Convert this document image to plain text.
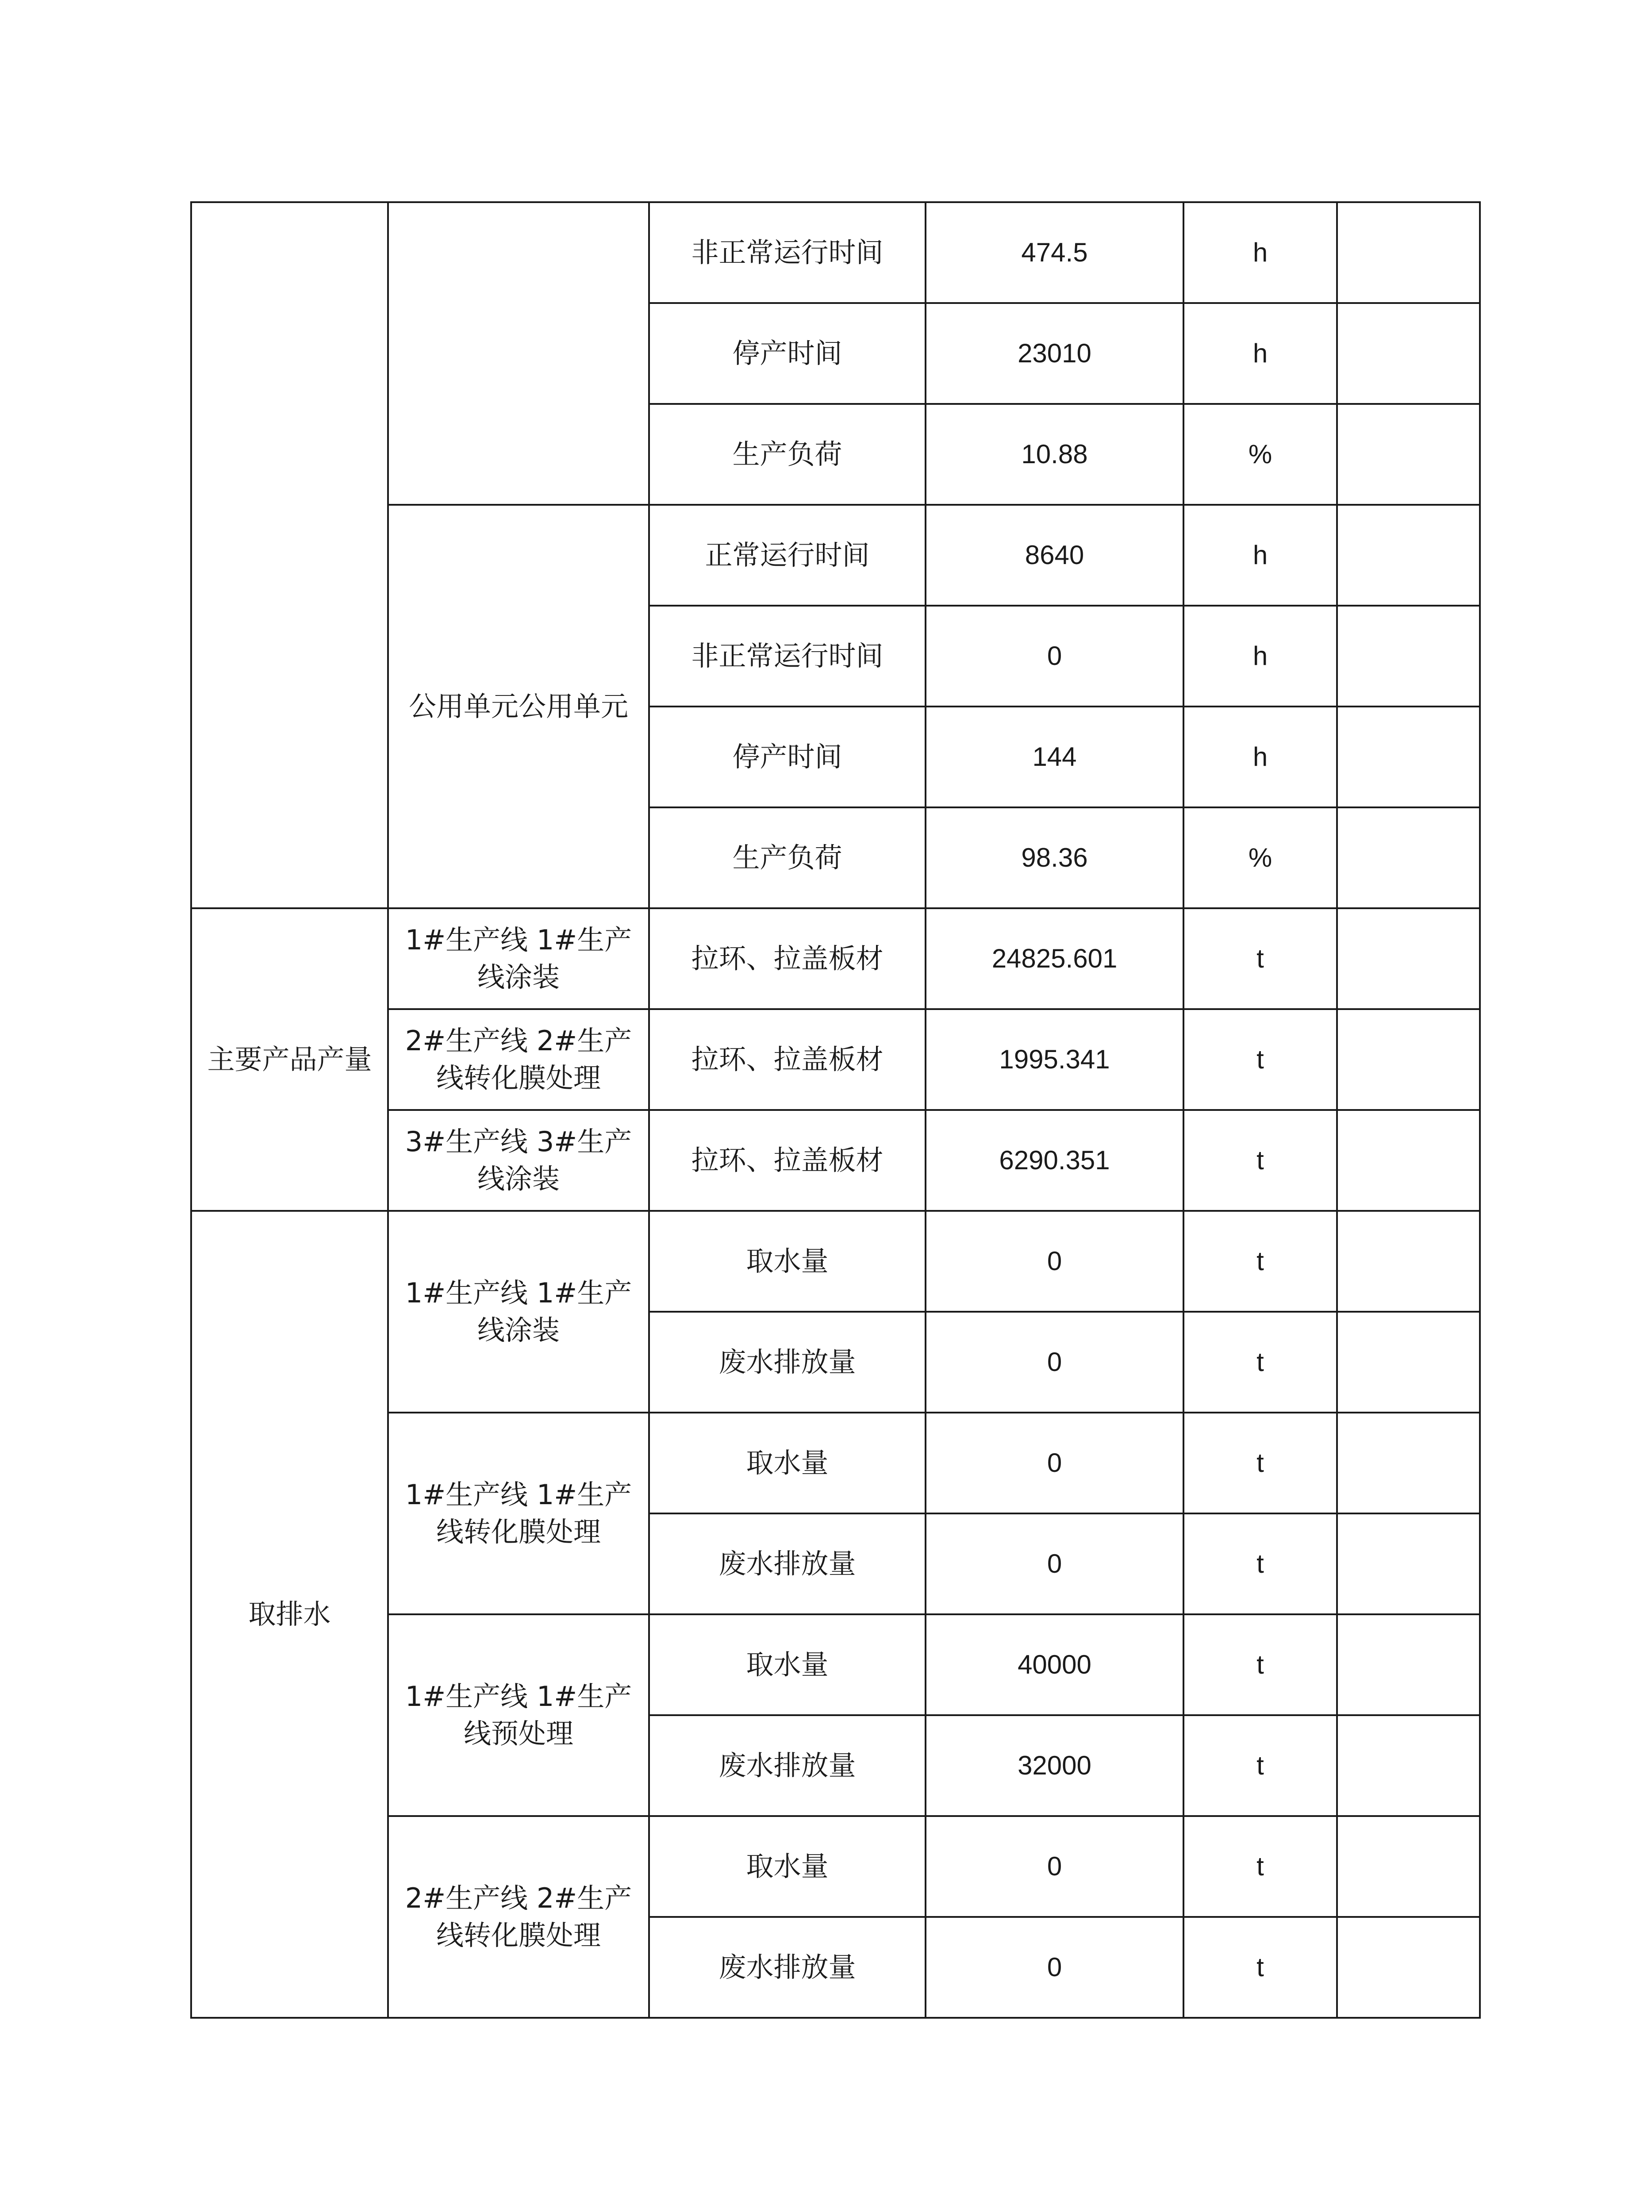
		非正常运行时间	474.5	h	
		停产时间	23010	h	
		生产负荷	10.88	%	
	公用单元公用单元	正常运行时间	8640	h	
		非正常运行时间	0	h	
		停产时间	144	h	
		生产负荷	98.36	%	
主要产品产量	1#生产线 1#生产线涂装	拉环、拉盖板材	24825.601	t	
	2#生产线 2#生产线转化膜处理	拉环、拉盖板材	1995.341	t	
	3#生产线 3#生产线涂装	拉环、拉盖板材	6290.351	t	
取排水	1#生产线 1#生产线涂装	取水量	0	t	
		废水排放量	0	t	
	1#生产线 1#生产线转化膜处理	取水量	0	t	
		废水排放量	0	t	
	1#生产线 1#生产线预处理	取水量	40000	t	
		废水排放量	32000	t	
	2#生产线 2#生产线转化膜处理	取水量	0	t	
		废水排放量	0	t	
